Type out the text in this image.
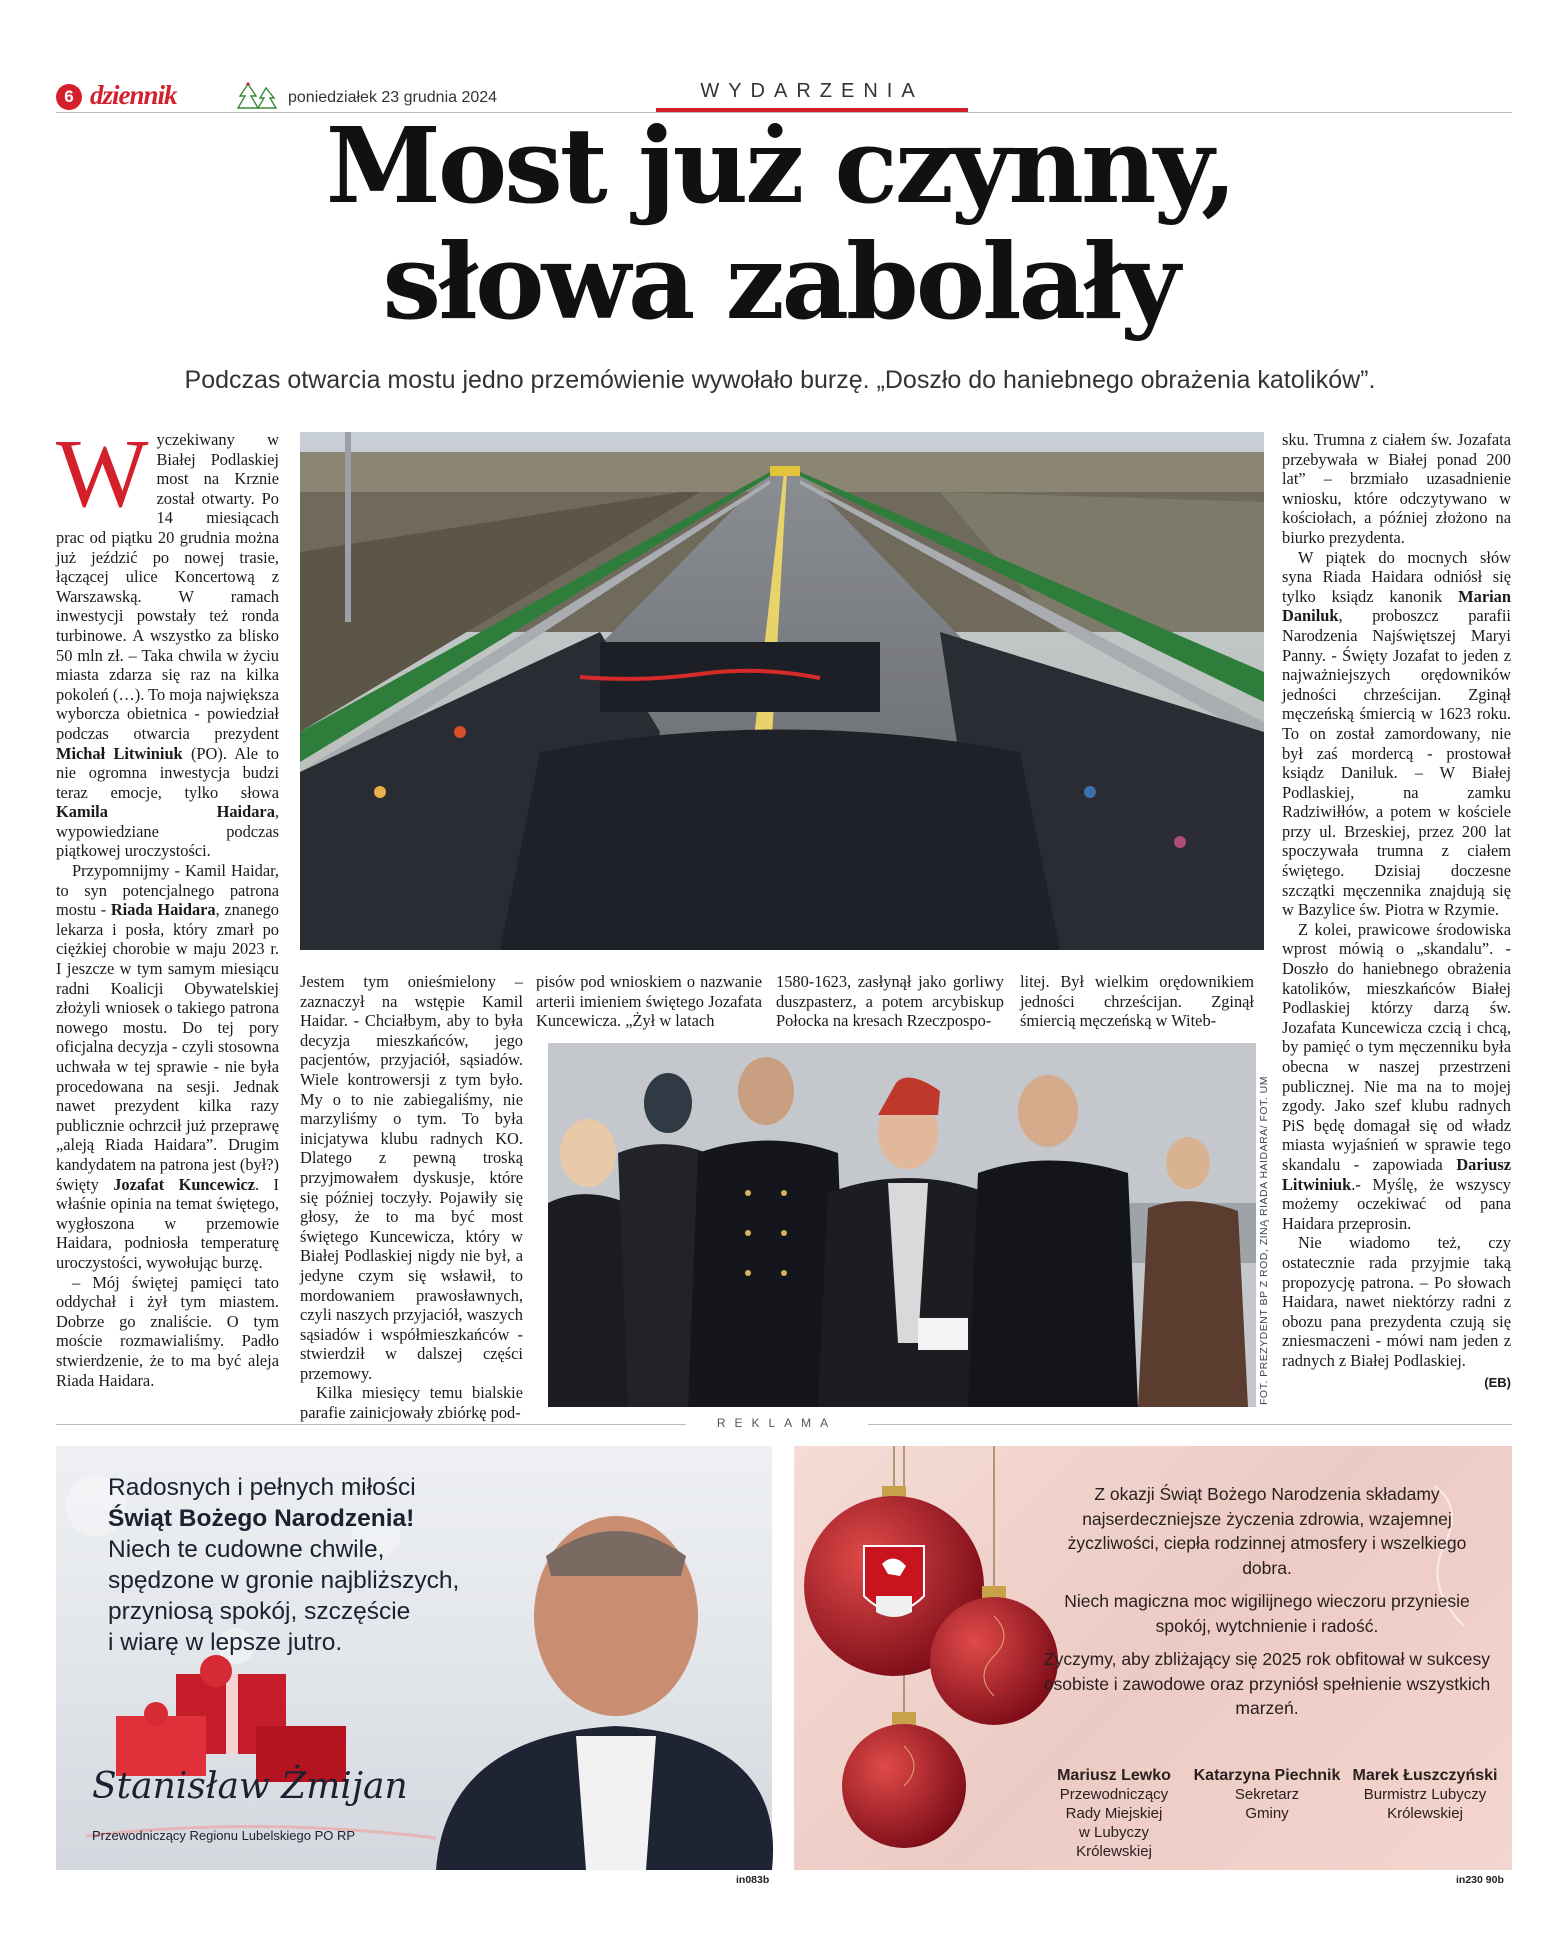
6 dziennik	poniedziałek 23 grudnia 2024	WYDARZENIA
Most już czynny,
słowa zabolały
Podczas otwarcia mostu jedno przemówienie wywołało burzę. „Doszło do haniebnego obrażenia katolików”.

Wyczekiwany w Białej Podlaskiej most na Krznie został otwarty. Po 14 miesiącach prac od piątku 20 grudnia można już jeździć po nowej trasie, łączącej ulice Koncertową z Warszawską. W ramach inwestycji powstały też ronda turbinowe. A wszystko za blisko 50 mln zł. – Taka chwila w życiu miasta zdarza się raz na kilka pokoleń (…). To moja największa wyborcza obietnica - powiedział podczas otwarcia prezydent Michał Litwiniuk (PO). Ale to nie ogromna inwestycja budzi teraz emocje, tylko słowa Kamila Haidara, wypowiedziane podczas piątkowej uroczystości.

Przypomnijmy - Kamil Haidar, to syn potencjalnego patrona mostu - Riada Haidara, znanego lekarza i posła, który zmarł po ciężkiej chorobie w maju 2023 r. I jeszcze w tym samym miesiącu radni Koalicji Obywatelskiej złożyli wniosek o takiego patrona nowego mostu. Do tej pory oficjalna decyzja - czyli stosowna uchwała w tej sprawie - nie była procedowana na sesji. Jednak nawet prezydent kilka razy publicznie ochrzcił już przeprawę „aleją Riada Haidara”. Drugim kandydatem na patrona jest (był?) święty Jozafat Kuncewicz. I właśnie opinia na temat świętego, wygłoszona w przemowie Haidara, podniosła temperaturę uroczystości, wywołując burzę.

– Mój świętej pamięci tato oddychał i żył tym miastem. Dobrze go znaliście. O tym moście rozmawialiśmy. Padło stwierdzenie, że to ma być aleja Riada Haidara.

Jestem tym onieśmielony – zaznaczył na wstępie Kamil Haidar. - Chciałbym, aby to była decyzja mieszkańców, jego pacjentów, przyjaciół, sąsiadów. Wiele kontrowersji z tym było. My o to nie zabiegaliśmy, nie marzyliśmy o tym. To była inicjatywa klubu radnych KO. Dlatego z pewną troską przyjmowałem dyskusje, które się później toczyły. Pojawiły się głosy, że to ma być most świętego Kuncewicza, który w Białej Podlaskiej nigdy nie był, a jedyne czym się wsławił, to mordowaniem prawosławnych, czyli naszych przyjaciół, waszych sąsiadów i współmieszkańców - stwierdził w dalszej części przemowy.

Kilka miesięcy temu bialskie parafie zainicjowały zbiórkę pod-

pisów pod wnioskiem o nazwanie arterii imieniem świętego Jozafata Kuncewicza. „Żył w latach

1580-1623, zasłynął jako gorliwy duszpasterz, a potem arcybiskup Połocka na kresach Rzeczpospo-

litej. Był wielkim orędownikiem jedności chrześcijan. Zginął śmiercią męczeńską w Witeb-

FOT. PREZYDENT BP Z ROD, ZINĄ RIADA HAIDARA/ FOT. UM

sku. Trumna z ciałem św. Jozafata przebywała w Białej ponad 200 lat” – brzmiało uzasadnienie wniosku, które odczytywano w kościołach, a później złożono na biurko prezydenta.

W piątek do mocnych słów syna Riada Haidara odniósł się tylko ksiądz kanonik Marian Daniluk, proboszcz parafii Narodzenia Najświętszej Maryi Panny. - Święty Jozafat to jeden z najważniejszych orędowników jedności chrześcijan. Zginął męczeńską śmiercią w 1623 roku. To on został zamordowany, nie był zaś mordercą - prostował ksiądz Daniluk. – W Białej Podlaskiej, na zamku Radziwiłłów, a potem w kościele przy ul. Brzeskiej, przez 200 lat spoczywała trumna z ciałem świętego. Dzisiaj doczesne szczątki męczennika znajdują się w Bazylice św. Piotra w Rzymie.

Z kolei, prawicowe środowiska wprost mówią o „skandalu”. - Doszło do haniebnego obrażenia katolików, mieszkańców Białej Podlaskiej którzy darzą św. Jozafata Kuncewicza czcią i chcą, by pamięć o tym męczenniku była obecna w naszej przestrzeni publicznej. Nie ma na to mojej zgody. Jako szef klubu radnych PiS będę domagał się od władz miasta wyjaśnień w sprawie tego skandalu - zapowiada Dariusz Litwiniuk.- Myślę, że wszyscy możemy oczekiwać od pana Haidara przeprosin.

Nie wiadomo też, czy ostatecznie rada przyjmie taką propozycję patrona. – Po słowach Haidara, nawet niektórzy radni z obozu pana prezydenta czują się zniesmaczeni - mówi nam jeden z radnych z Białej Podlaskiej.

(EB)
REKLAMA
Radosnych i pełnych miłości
Świąt Bożego Narodzenia!
Niech te cudowne chwile,
spędzone w gronie najbliższych,
przyniosą spokój, szczęście
i wiarę w lepsze jutro.
Stanisław Żmijan
Przewodniczący Regionu Lubelskiego PO RP
in083b

Z okazji Świąt Bożego Narodzenia składamy najserdeczniejsze życzenia zdrowia, wzajemnej życzliwości, ciepła rodzinnej atmosfery i wszelkiego dobra.

Niech magiczna moc wigilijnego wieczoru przyniesie spokój, wytchnienie i radość.

Życzymy, aby zbliżający się 2025 rok obfitował w sukcesy osobiste i zawodowe oraz przyniósł spełnienie wszystkich marzeń.

Mariusz Lewko
Przewodniczący
Rady Miejskiej
w Lubyczy Królewskiej
Katarzyna Piechnik
Sekretarz
Gminy
Marek Łuszczyński
Burmistrz Lubyczy
Królewskiej
in230 90b
